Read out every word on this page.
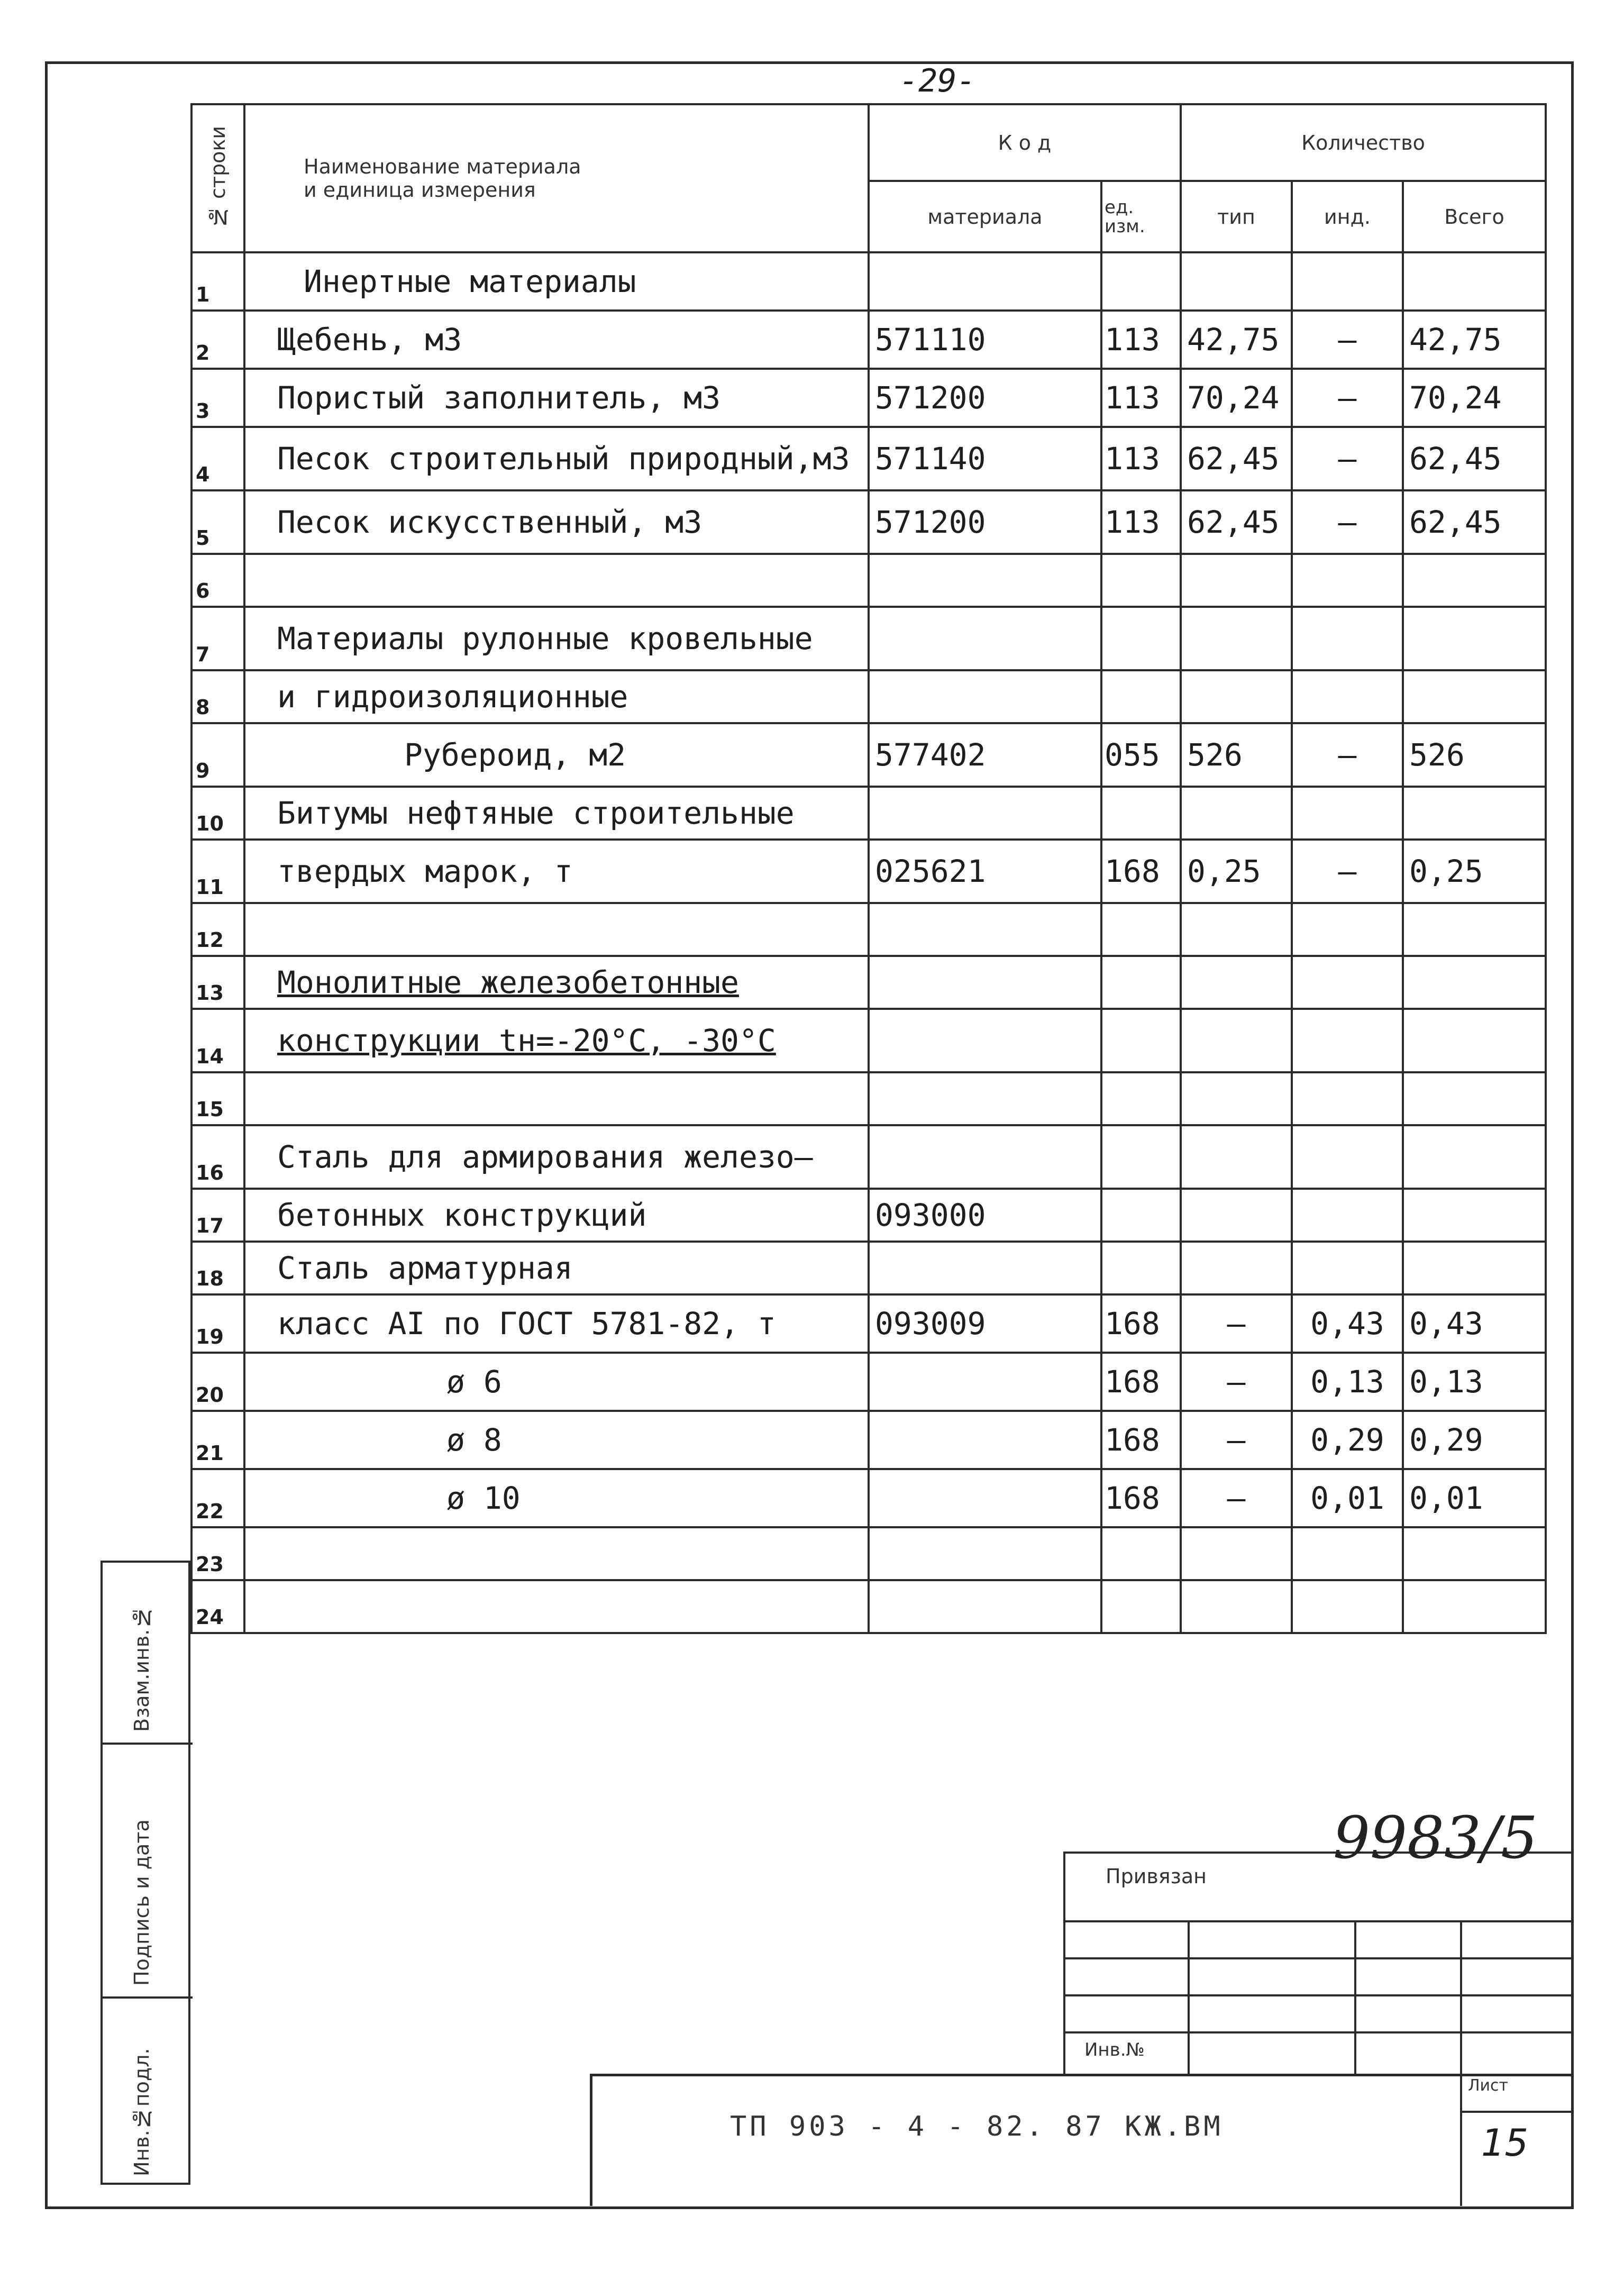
-29-
№ строки	Наименование материала
и единица измерения	К о д		Количество		
		материала	ед. изм.	тип	инд.	Всего
1	Инертные материалы					
2	Щебень, м3	571110	113	42,75	–	42,75
3	Пористый заполнитель, м3	571200	113	70,24	–	70,24
4	Песок строительный природный,м3	571140	113	62,45	–	62,45
5	Песок искусственный, м3	571200	113	62,45	–	62,45
6						
7	Материалы рулонные кровельные					
8	и гидроизоляционные					
9	Рубероид, м2	577402	055	526	–	526
10	Битумы нефтяные строительные					
11	твердых марок, т	025621	168	0,25	–	0,25
12						
13	Монолитные железобетонные					
14	конструкции tн=-20°C, -30°C					
15						
16	Сталь для армирования железо–					
17	бетонных конструкций	093000				
18	Сталь арматурная					
19	класс AI по ГОСТ 5781-82, т	093009	168	–	0,43	0,43
20	ø 6		168	–	0,13	0,13
21	ø 8		168	–	0,29	0,29
22	ø 10		168	–	0,01	0,01
23						
24						
Взам.инв.№
Подпись и дата
Инв.№подл.
Привязан
Инв.№
ТП 903 - 4 - 82. 87 КЖ.ВМ
Лист
15
9983/5
